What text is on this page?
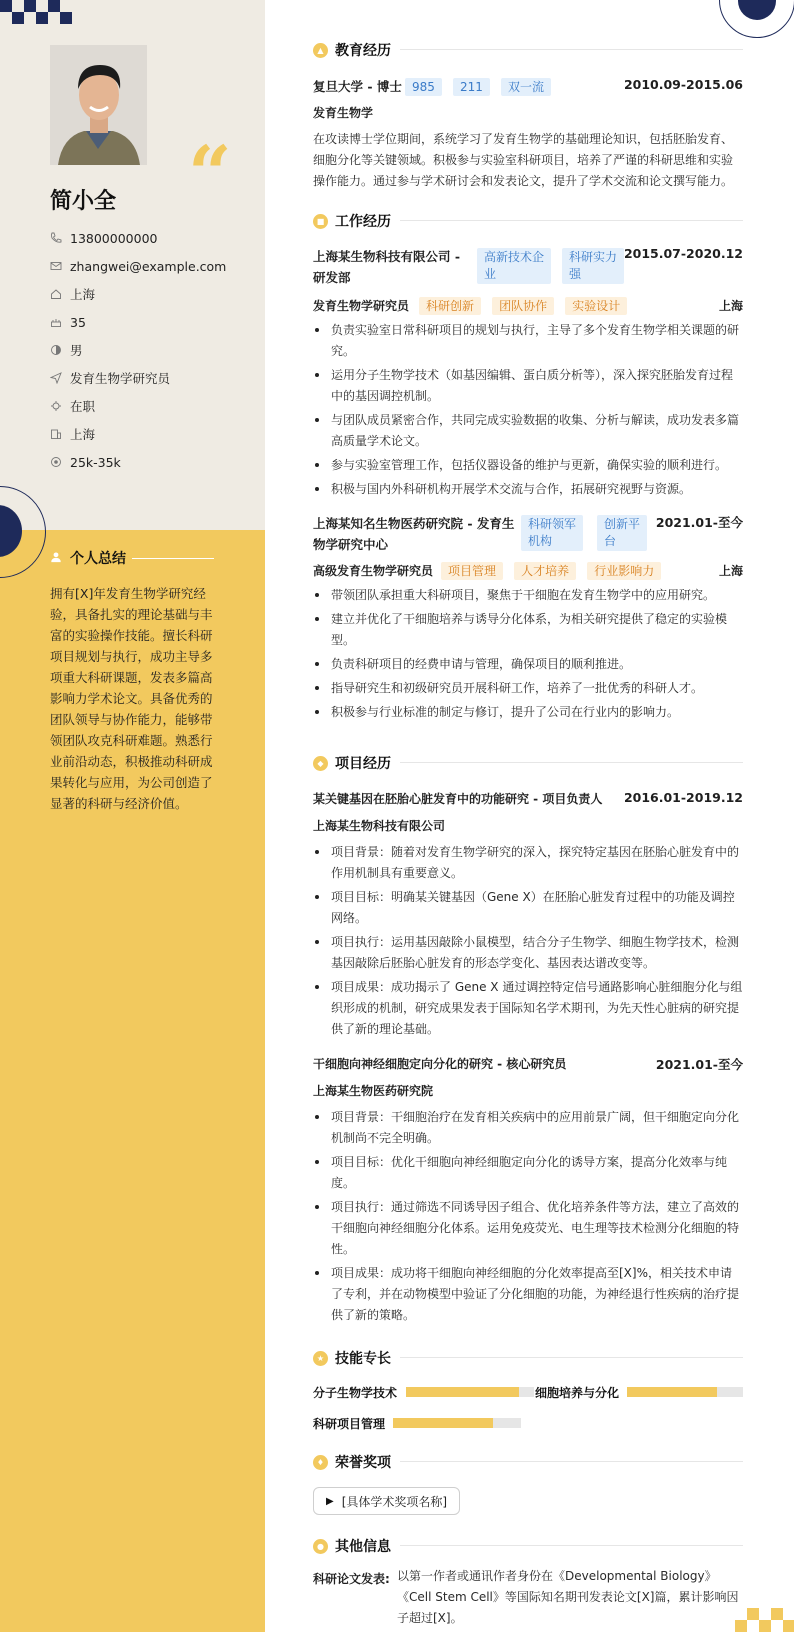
“
简小全
13800000000
zhangwei@example.com
上海
35
男
发育生物学研究员
在职
上海
25k-35k
个人总结
拥有[X]年发育生物学研究经验，具备扎实的理论基础与丰富的实验操作技能。擅长科研项目规划与执行，成功主导多项重大科研课题，发表多篇高影响力学术论文。具备优秀的团队领导与协作能力，能够带领团队攻克科研难题。熟悉行业前沿动态，积极推动科研成果转化与应用，为公司创造了显著的科研与经济价值。
▲ 教育经历
复旦大学 - 博士 985 211 双一流	2010.09-2015.06
发育生物学
在攻读博士学位期间，系统学习了发育生物学的基础理论知识，包括胚胎发育、细胞分化等关键领域。积极参与实验室科研项目，培养了严谨的科研思维和实验操作能力。通过参与学术研讨会和发表论文，提升了学术交流和论文撰写能力。
■ 工作经历
上海某生物科技有限公司 -
研发部
高新技术企
业
科研实力
强
2015.07-2020.12
发育生物学研究员	科研创新 团队协作 实验设计	上海
负责实验室日常科研项目的规划与执行，主导了多个发育生物学相关课题的研究。
运用分子生物学技术（如基因编辑、蛋白质分析等），深入探究胚胎发育过程中的基因调控机制。
与团队成员紧密合作，共同完成实验数据的收集、分析与解读，成功发表多篇高质量学术论文。
参与实验室管理工作，包括仪器设备的维护与更新，确保实验的顺利进行。
积极与国内外科研机构开展学术交流与合作，拓展研究视野与资源。
上海某知名生物医药研究院 - 发育生
物学研究中心
科研领军
机构
创新平
台
2021.01-至今
高级发育生物学研究员	项目管理 人才培养 行业影响力	上海
带领团队承担重大科研项目，聚焦于干细胞在发育生物学中的应用研究。
建立并优化了干细胞培养与诱导分化体系，为相关研究提供了稳定的实验模型。
负责科研项目的经费申请与管理，确保项目的顺利推进。
指导研究生和初级研究员开展科研工作，培养了一批优秀的科研人才。
积极参与行业标准的制定与修订，提升了公司在行业内的影响力。
◆ 项目经历
某关键基因在胚胎心脏发育中的功能研究 - 项目负责人	2016.01-2019.12
上海某生物科技有限公司
项目背景：随着对发育生物学研究的深入，探究特定基因在胚胎心脏发育中的作用机制具有重要意义。
项目目标：明确某关键基因（Gene X）在胚胎心脏发育过程中的功能及调控网络。
项目执行：运用基因敲除小鼠模型，结合分子生物学、细胞生物学技术，检测基因敲除后胚胎心脏发育的形态学变化、基因表达谱改变等。
项目成果：成功揭示了 Gene X 通过调控特定信号通路影响心脏细胞分化与组织形成的机制，研究成果发表于国际知名学术期刊，为先天性心脏病的研究提供了新的理论基础。
干细胞向神经细胞定向分化的研究 - 核心研究员	2021.01-至今
上海某生物医药研究院
项目背景：干细胞治疗在发育相关疾病中的应用前景广阔，但干细胞定向分化机制尚不完全明确。
项目目标：优化干细胞向神经细胞定向分化的诱导方案，提高分化效率与纯度。
项目执行：通过筛选不同诱导因子组合、优化培养条件等方法，建立了高效的干细胞向神经细胞分化体系。运用免疫荧光、电生理等技术检测分化细胞的特性。
项目成果：成功将干细胞向神经细胞的分化效率提高至[X]%，相关技术申请了专利，并在动物模型中验证了分化细胞的功能，为神经退行性疾病的治疗提供了新的策略。
★ 技能专长
分子生物学技术	细胞培养与分化
科研项目管理
♦ 荣誉奖项
▶ [具体学术奖项名称]
● 其他信息
科研论文发表: 以第一作者或通讯作者身份在《Developmental Biology》《Cell Stem Cell》等国际知名期刊发表论文[X]篇，累计影响因子超过[X]。
